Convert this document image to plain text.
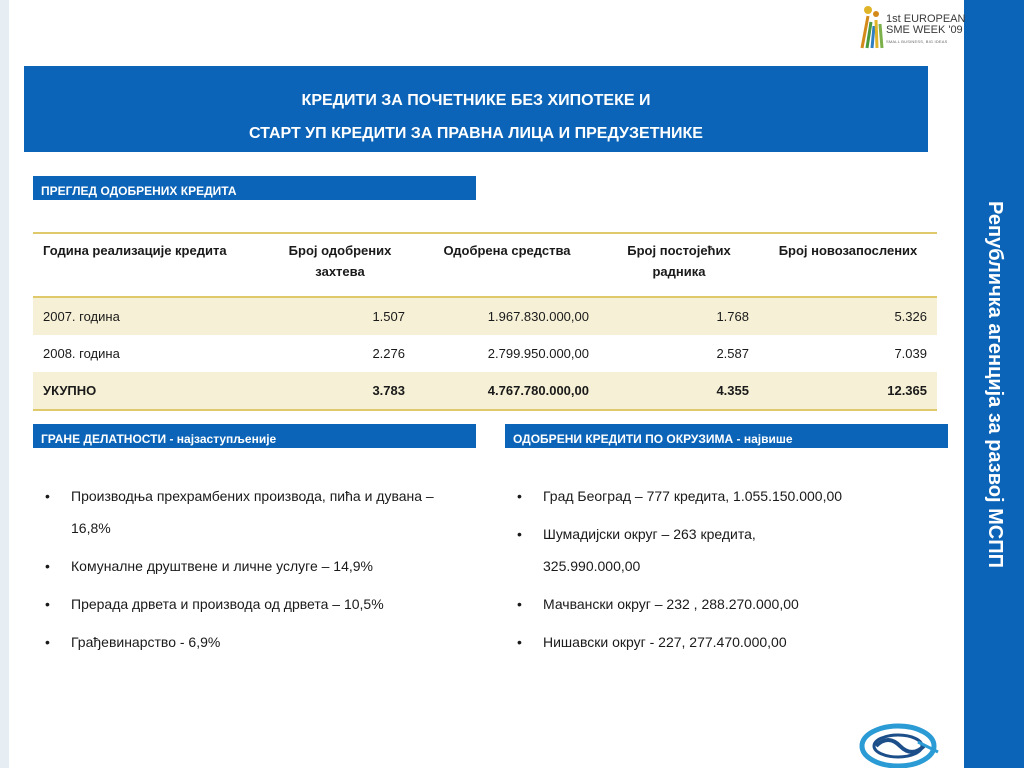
Републичка агенција за развој МСПП
1st EUROPEAN
SME WEEK '09
SMALL BUSINESS, BIG IDEAS
КРЕДИТИ ЗА ПОЧЕТНИКЕ БЕЗ ХИПОТЕКЕ И
СТАРТ УП КРЕДИТИ ЗА ПРАВНА ЛИЦА И ПРЕДУЗЕТНИКЕ
ПРЕГЛЕД ОДОБРЕНИХ КРЕДИТА
Година реализације кредита	Број одобрених захтева	Одобрена средства	Број постојећих радника	Број новозапослених
2007. година	1.507	1.967.830.000,00	1.768	5.326
2008. година	2.276	2.799.950.000,00	2.587	7.039
УКУПНО	3.783	4.767.780.000,00	4.355	12.365
ГРАНЕ ДЕЛАТНОСТИ - најзаступљеније
• Производња прехрамбених производа, пића и дувана – 16,8%
• Комуналне друштвене и личне услуге – 14,9%
• Прерада дрвета и производа од дрвета – 10,5%
• Грађевинарство - 6,9%
ОДОБРЕНИ КРЕДИТИ ПО ОКРУЗИМА - највише
• Град Београд – 777 кредита, 1.055.150.000,00
• Шумадијски округ – 263 кредита, 325.990.000,00
• Мачвански округ – 232 , 288.270.000,00
• Нишавски округ - 227, 277.470.000,00
